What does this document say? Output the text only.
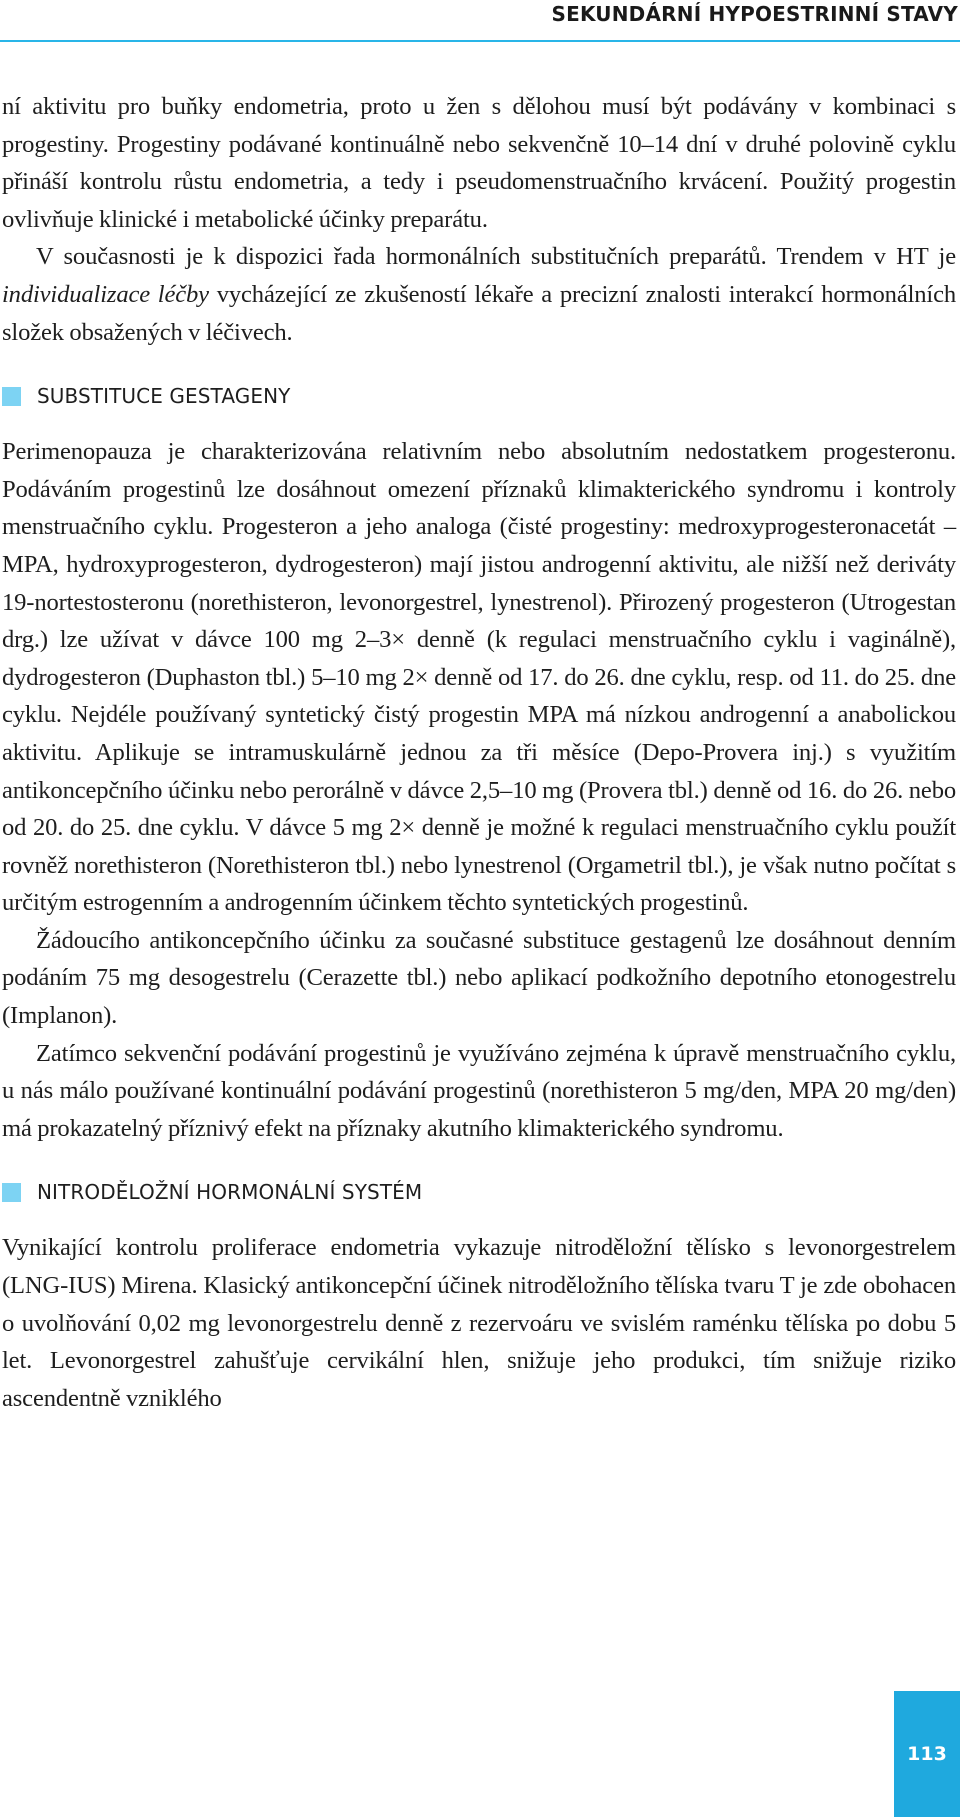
SEKUNDÁRNÍ HYPOESTRINNÍ STAVY

ní aktivitu pro buňky endometria, proto u žen s dělohou musí být podávány v kombinaci s progestiny. Progestiny podávané kontinuálně nebo sekvenčně 10–14 dní v druhé polovině cyklu přináší kontrolu růstu endometria, a tedy i pseudomenstruačního krvácení. Použitý progestin ovlivňuje klinické i metabolické účinky preparátu.

V současnosti je k dispozici řada hormonálních substitučních preparátů. Trendem v HT je individualizace léčby vycházející ze zkušeností lékaře a precizní znalosti interakcí hormonálních složek obsažených v léčivech.

SUBSTITUCE GESTAGENY

Perimenopauza je charakterizována relativním nebo absolutním nedostatkem progesteronu. Podáváním progestinů lze dosáhnout omezení příznaků klimakterického syndromu i kontroly menstruačního cyklu. Progesteron a jeho analoga (čisté progestiny: medroxyprogesteronacetát – MPA, hydroxyprogesteron, dydrogesteron) mají jistou androgenní aktivitu, ale nižší než deriváty 19-nortestosteronu (norethisteron, levonorgestrel, lynestrenol). Přirozený progesteron (Utrogestan drg.) lze užívat v dávce 100 mg 2–3× denně (k regulaci menstruačního cyklu i vaginálně), dydrogesteron (Duphaston tbl.) 5–10 mg 2× denně od 17. do 26. dne cyklu, resp. od 11. do 25. dne cyklu. Nejdéle používaný syntetický čistý progestin MPA má nízkou androgenní a anabolickou aktivitu. Aplikuje se intramuskulárně jednou za tři měsíce (Depo-Provera inj.) s využitím antikoncepčního účinku nebo perorálně v dávce 2,5–10 mg (Provera tbl.) denně od 16. do 26. nebo od 20. do 25. dne cyklu. V dávce 5 mg 2× denně je možné k regulaci menstruačního cyklu použít rovněž norethisteron (Norethisteron tbl.) nebo lynestrenol (Orgametril tbl.), je však nutno počítat s určitým estrogenním a androgenním účinkem těchto syntetických progestinů.

Žádoucího antikoncepčního účinku za současné substituce gestagenů lze dosáhnout denním podáním 75 mg desogestrelu (Cerazette tbl.) nebo aplikací podkožního depotního etonogestrelu (Implanon).

Zatímco sekvenční podávání progestinů je využíváno zejména k úpravě menstruačního cyklu, u nás málo používané kontinuální podávání progestinů (norethisteron 5 mg/den, MPA 20 mg/den) má prokazatelný příznivý efekt na příznaky akutního klimakterického syndromu.

NITRODĚLOŽNÍ HORMONÁLNÍ SYSTÉM

Vynikající kontrolu proliferace endometria vykazuje nitroděložní tělísko s levonorgestrelem (LNG-IUS) Mirena. Klasický antikoncepční účinek nitroděložního tělíska tvaru T je zde obohacen o uvolňování 0,02 mg levonorgestrelu denně z rezervoáru ve svislém raménku tělíska po dobu 5 let. Levonorgestrel zahušťuje cervikální hlen, snižuje jeho produkci, tím snižuje riziko ascendentně vzniklého

113
